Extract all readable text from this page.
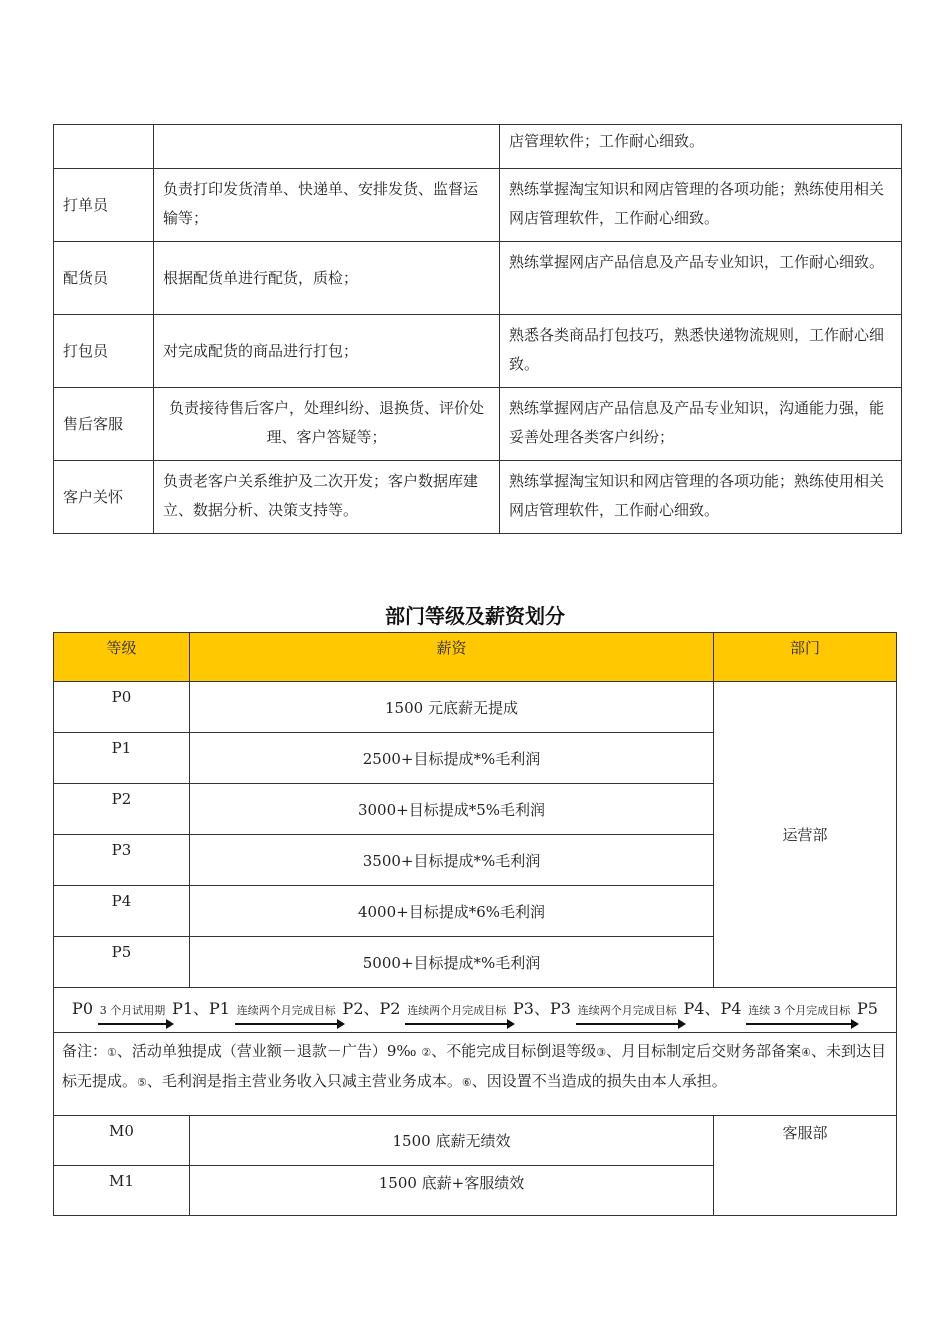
		店管理软件；工作耐心细致。
打单员	负责打印发货清单、快递单、安排发货、监督运输等；	熟练掌握淘宝知识和网店管理的各项功能；熟练使用相关网店管理软件，工作耐心细致。
配货员	根据配货单进行配货，质检；	熟练掌握网店产品信息及产品专业知识，工作耐心细致。
打包员	对完成配货的商品进行打包；	熟悉各类商品打包技巧，熟悉快递物流规则，工作耐心细致。
售后客服	负责接待售后客户，处理纠纷、退换货、评价处理、客户答疑等；	熟练掌握网店产品信息及产品专业知识，沟通能力强，能妥善处理各类客户纠纷；
客户关怀	负责老客户关系维护及二次开发；客户数据库建立、数据分析、决策支持等。	熟练掌握淘宝知识和网店管理的各项功能；熟练使用相关网店管理软件，工作耐心细致。
部门等级及薪资划分
等级	薪资	部门
P0	1500 元底薪无提成	运营部
P1	2500+目标提成*%毛利润	
P2	3000+目标提成*5%毛利润	
P3	3500+目标提成*%毛利润	
P4	4000+目标提成*6%毛利润	
P5	5000+目标提成*%毛利润	
P0 3 个月试用期 P1、P1 连续两个月完成目标 P2、P2 连续两个月完成目标 P3、P3 连续两个月完成目标 P4、P4 连续 3 个月完成目标 P5		
备注：①、活动单独提成（营业额－退款－广告）9‰ ②、不能完成目标倒退等级③、月目标制定后交财务部备案④、未到达目标无提成。⑤、毛利润是指主营业务收入只减主营业务成本。⑥、因设置不当造成的损失由本人承担。		
M0	1500 底薪无绩效	客服部
M1	1500 底薪+客服绩效	
